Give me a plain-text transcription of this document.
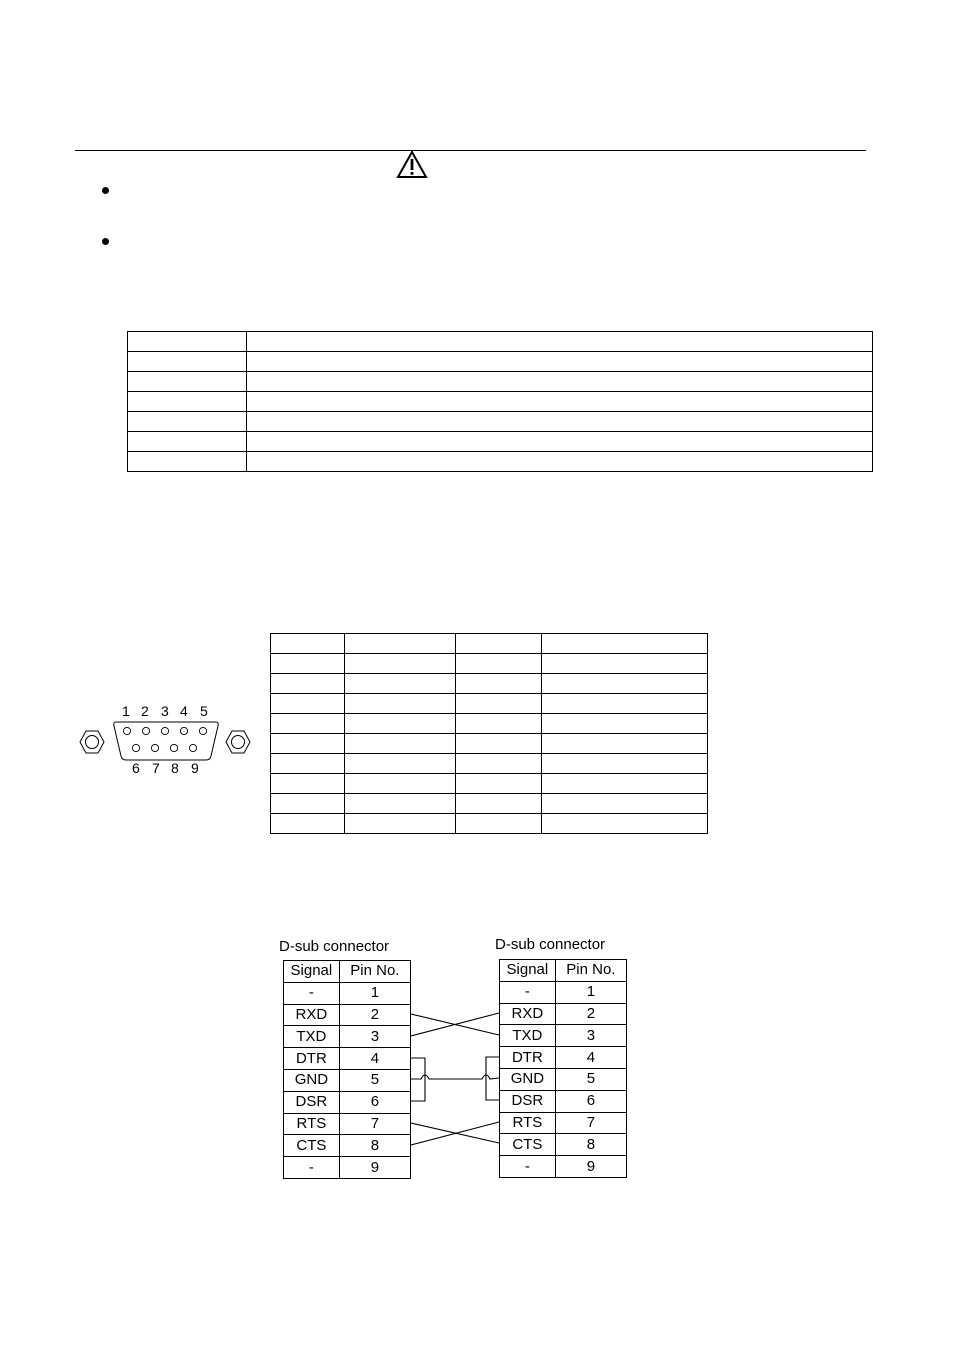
1 2 3 4 5
6 7 8 9

D-sub connector	D-sub connector
Signal	Pin No.
-	1
RXD	2
TXD	3
DTR	4
GND	5
DSR	6
RTS	7
CTS	8
-	9
Signal	Pin No.
-	1
RXD	2
TXD	3
DTR	4
GND	5
DSR	6
RTS	7
CTS	8
-	9
